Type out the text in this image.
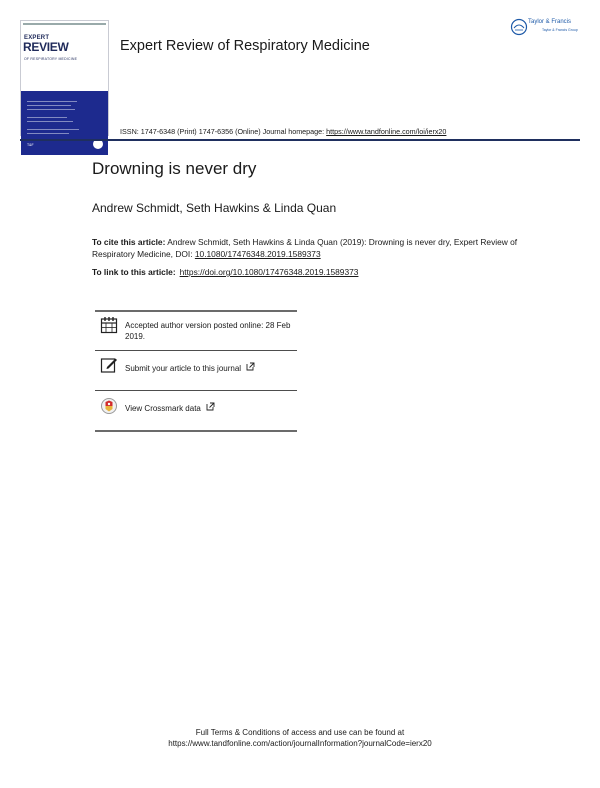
EXPERT
REVIEW
OF RESPIRATORY MEDICINE
T&F
Expert Review of Respiratory Medicine
ISSN: 1747-6348 (Print) 1747-6356 (Online) Journal homepage: https://www.tandfonline.com/loi/ierx20
Taylor & Francis
Taylor & Francis Group
Drowning is never dry
Andrew Schmidt, Seth Hawkins & Linda Quan
To cite this article: Andrew Schmidt, Seth Hawkins & Linda Quan (2019): Drowning is never dry, Expert Review of Respiratory Medicine, DOI: 10.1080/17476348.2019.1589373
To link to this article: https://doi.org/10.1080/17476348.2019.1589373
Accepted author version posted online: 28 Feb 2019.
Submit your article to this journal
View Crossmark data
Full Terms & Conditions of access and use can be found at
https://www.tandfonline.com/action/journalInformation?journalCode=ierx20
